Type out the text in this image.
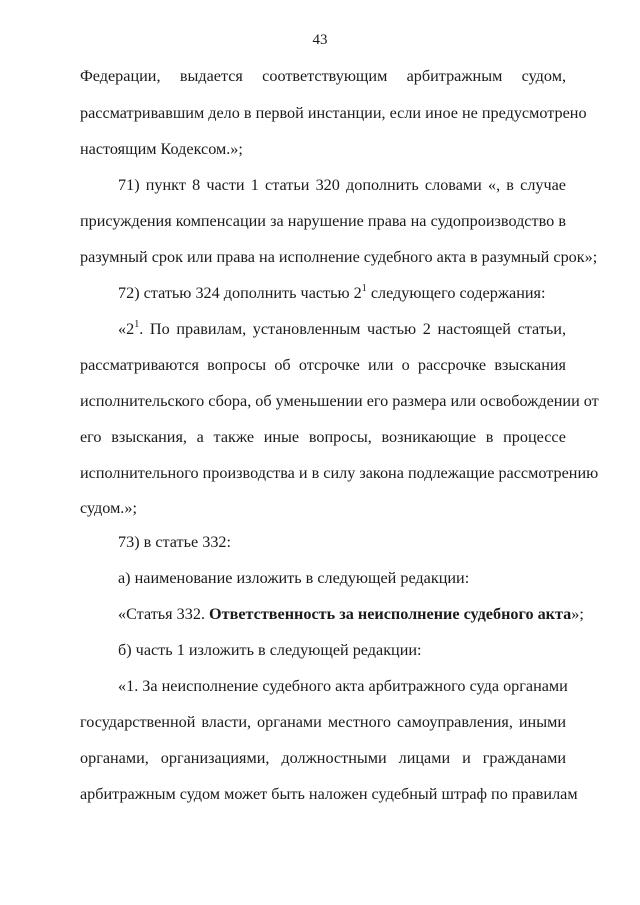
43
Федерации, выдается соответствующим арбитражным судом,
рассматривавшим дело в первой инстанции, если иное не предусмотрено
настоящим Кодексом.»;
71) пункт 8 части 1 статьи 320 дополнить словами «, в случае
присуждения компенсации за нарушение права на судопроизводство в
разумный срок или права на исполнение судебного акта в разумный срок»;
72) статью 324 дополнить частью $2^1$ следующего содержания:
«$2^1$. По правилам, установленным частью 2 настоящей статьи,
рассматриваются вопросы об отсрочке или о рассрочке взыскания
исполнительского сбора, об уменьшении его размера или освобождении от
его взыскания, а также иные вопросы, возникающие в процессе
исполнительного производства и в силу закона подлежащие рассмотрению
судом.»;
73) в статье 332:
а) наименование изложить в следующей редакции:
«Статья 332. Ответственность за неисполнение судебного акта»;
б) часть 1 изложить в следующей редакции:
«1. За неисполнение судебного акта арбитражного суда органами
государственной власти, органами местного самоуправления, иными
органами, организациями, должностными лицами и гражданами
арбитражным судом может быть наложен судебный штраф по правилам
